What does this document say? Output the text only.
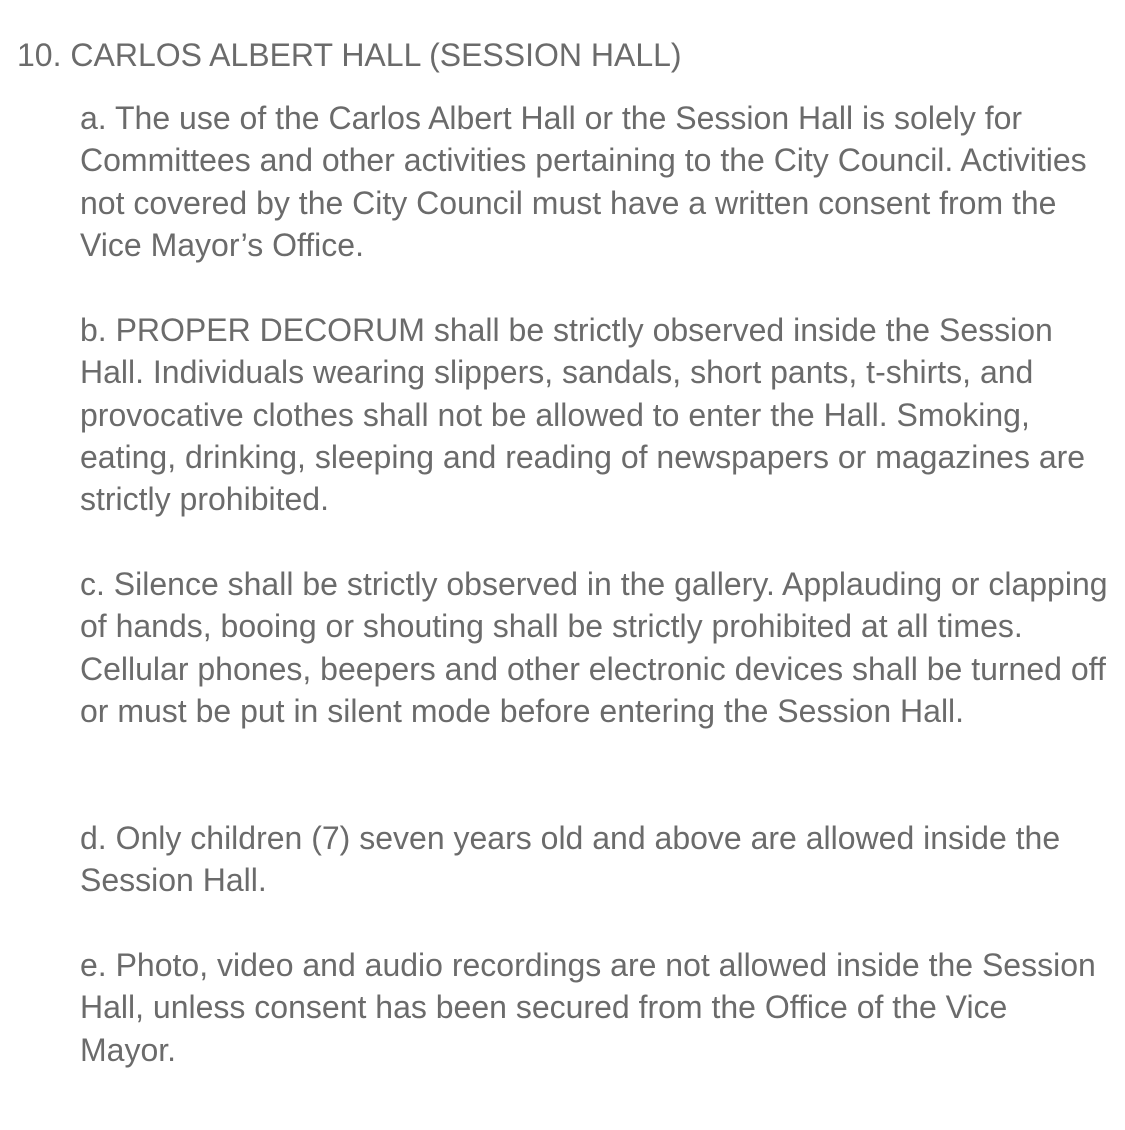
10. CARLOS ALBERT HALL (SESSION HALL)

a. The use of the Carlos Albert Hall or the Session Hall is solely for Committees and other activities pertaining to the City Council. Activities not covered by the City Council must have a written consent from the Vice Mayor’s Office.

b. PROPER DECORUM shall be strictly observed inside the Session Hall. Individuals wearing slippers, sandals, short pants, t-shirts, and provocative clothes shall not be allowed to enter the Hall. Smoking, eating, drinking, sleeping and reading of newspapers or magazines are strictly prohibited.

c. Silence shall be strictly observed in the gallery. Applauding or clapping of hands, booing or shouting shall be strictly prohibited at all times. Cellular phones, beepers and other electronic devices shall be turned off or must be put in silent mode before entering the Session Hall.

d. Only children (7) seven years old and above are allowed inside the Session Hall.

e. Photo, video and audio recordings are not allowed inside the Session Hall, unless consent has been secured from the Office of the Vice Mayor.
